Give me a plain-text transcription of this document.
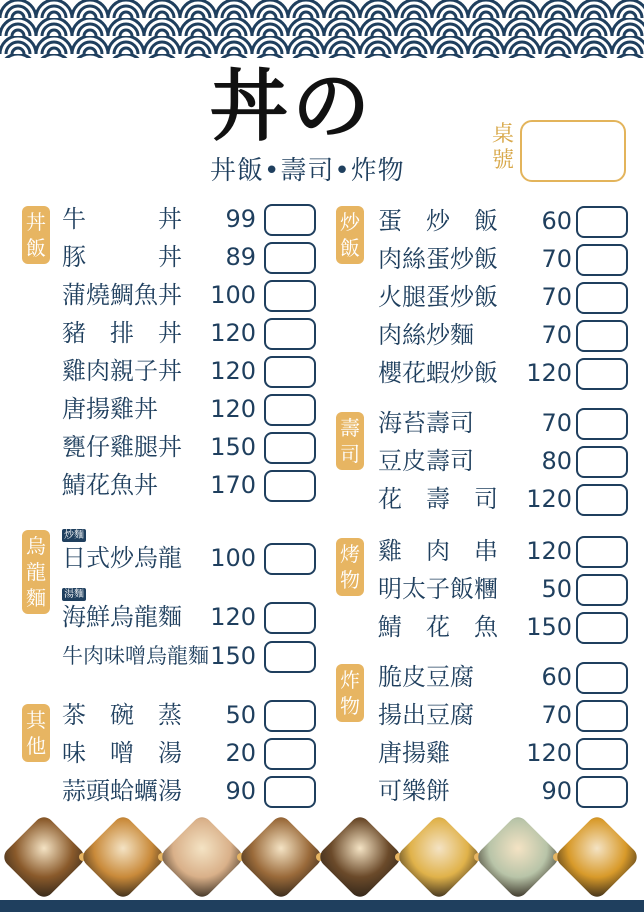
丼の
丼飯•壽司•炸物
桌號
丼飯
牛　　　丼	99
豚　　　丼	89
蒲燒鯛魚丼	100
豬　排　丼	120
雞肉親子丼	120
唐揚雞丼	120
甕仔雞腿丼	150
鯖花魚丼	170
烏龍麵
炒麵
日式炒烏龍	100
湯麵
海鮮烏龍麵	120
牛肉味噌烏龍麵 150
其他
茶　碗　蒸	50
味　噌　湯	20
蒜頭蛤蠣湯	90
炒飯
蛋　炒　飯	60
肉絲蛋炒飯	70
火腿蛋炒飯	70
肉絲炒麵	70
櫻花蝦炒飯	120
壽司
海苔壽司	70
豆皮壽司	80
花　壽　司	120
烤物
雞　肉　串	120
明太子飯糰	50
鯖　花　魚	150
炸物
脆皮豆腐	60
揚出豆腐	70
唐揚雞	120
可樂餅	90
